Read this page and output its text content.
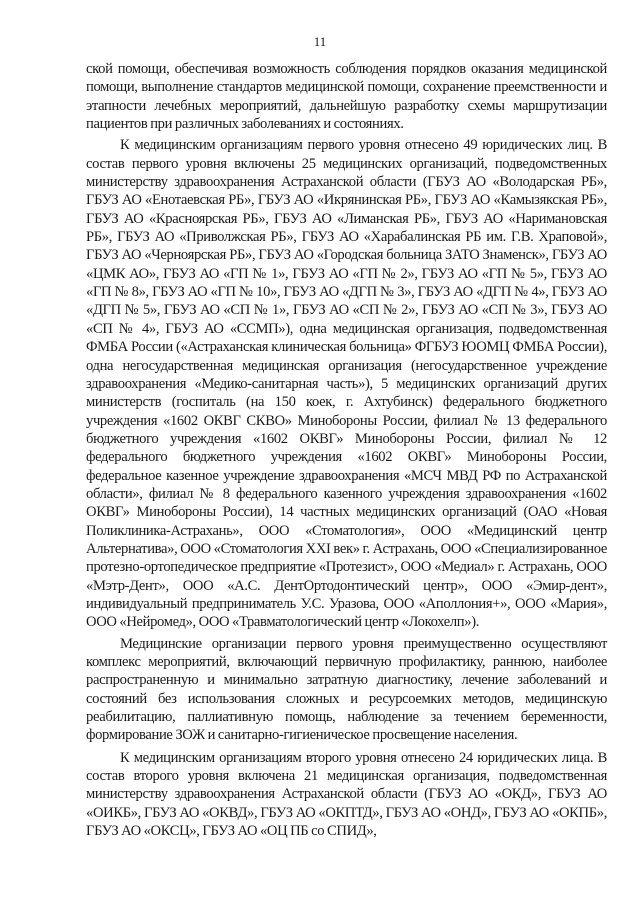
11

ской помощи, обеспечивая возможность соблюдения порядков оказания медицинской помощи, выполнение стандартов медицинской помощи, сохранение преемственности и этапности лечебных мероприятий, дальнейшую разработку схемы маршрутизации пациентов при различных заболеваниях и состояниях.

К медицинским организациям первого уровня отнесено 49 юридических лиц. В состав первого уровня включены 25 медицинских организаций, подведомственных министерству здравоохранения Астраханской области (ГБУЗ АО «Володарская РБ», ГБУЗ АО «Енотаевская РБ», ГБУЗ АО «Икрянинская РБ», ГБУЗ АО «Камызякская РБ», ГБУЗ АО «Красноярская РБ», ГБУЗ АО «Лиманская РБ», ГБУЗ АО «Наримановская РБ», ГБУЗ АО «Приволжская РБ», ГБУЗ АО «Харабалинская РБ им. Г.В. Храповой», ГБУЗ АО «Черноярская РБ», ГБУЗ АО «Городская больница ЗАТО Знаменск», ГБУЗ АО «ЦМК АО», ГБУЗ АО «ГП № 1», ГБУЗ АО «ГП № 2», ГБУЗ АО «ГП № 5», ГБУЗ АО «ГП № 8», ГБУЗ АО «ГП № 10», ГБУЗ АО «ДГП № 3», ГБУЗ АО «ДГП № 4», ГБУЗ АО «ДГП № 5», ГБУЗ АО «СП № 1», ГБУЗ АО «СП № 2», ГБУЗ АО «СП № 3», ГБУЗ АО «СП № 4», ГБУЗ АО «ССМП»), одна медицинская организация, подведомственная ФМБА России («Астраханская клиническая больница» ФГБУЗ ЮОМЦ ФМБА России), одна негосударственная медицинская организация (негосударственное учреждение здравоохранения «Медико-санитарная часть»), 5 медицинских организаций других министерств (госпиталь (на 150 коек, г. Ахтубинск) федерального бюджетного учреждения «1602 ОКВГ СКВО» Минобороны России, филиал № 13 федерального бюджетного учреждения «1602 ОКВГ» Минобороны России, филиал № 12 федерального бюджетного учреждения «1602 ОКВГ» Минобороны России, федеральное казенное учреждение здравоохранения «МСЧ МВД РФ по Астраханской области», филиал № 8 федерального казенного учреждения здравоохранения «1602 ОКВГ» Минобороны России), 14 частных медицинских организаций (ОАО «Новая Поликлиника-Астрахань», ООО «Стоматология», ООО «Медицинский центр Альтернатива», ООО «Стоматология XXI век» г. Астрахань, ООО «Специализированное протезно-ортопедическое предприятие «Протезист», ООО «Медиал» г. Астрахань, ООО «Мэтр-Дент», ООО «А.С. ДентОртодонтический центр», ООО «Эмир-дент», индивидуальный предприниматель У.С. Уразова, ООО «Аполлония+», ООО «Мария», ООО «Нейромед», ООО «Травматологический центр «Локохелп»).

Медицинские организации первого уровня преимущественно осуществляют комплекс мероприятий, включающий первичную профилактику, раннюю, наиболее распространенную и минимально затратную диагностику, лечение заболеваний и состояний без использования сложных и ресурсоемких методов, медицинскую реабилитацию, паллиативную помощь, наблюдение за течением беременности, формирование ЗОЖ и санитарно-гигиеническое просвещение населения.

К медицинским организациям второго уровня отнесено 24 юридических лица. В состав второго уровня включена 21 медицинская организация, подведомственная министерству здравоохранения Астраханской области (ГБУЗ АО «ОКД», ГБУЗ АО «ОИКБ», ГБУЗ АО «ОКВД», ГБУЗ АО «ОКПТД», ГБУЗ АО «ОНД», ГБУЗ АО «ОКПБ», ГБУЗ АО «ОКСЦ», ГБУЗ АО «ОЦ ПБ со СПИД»,
